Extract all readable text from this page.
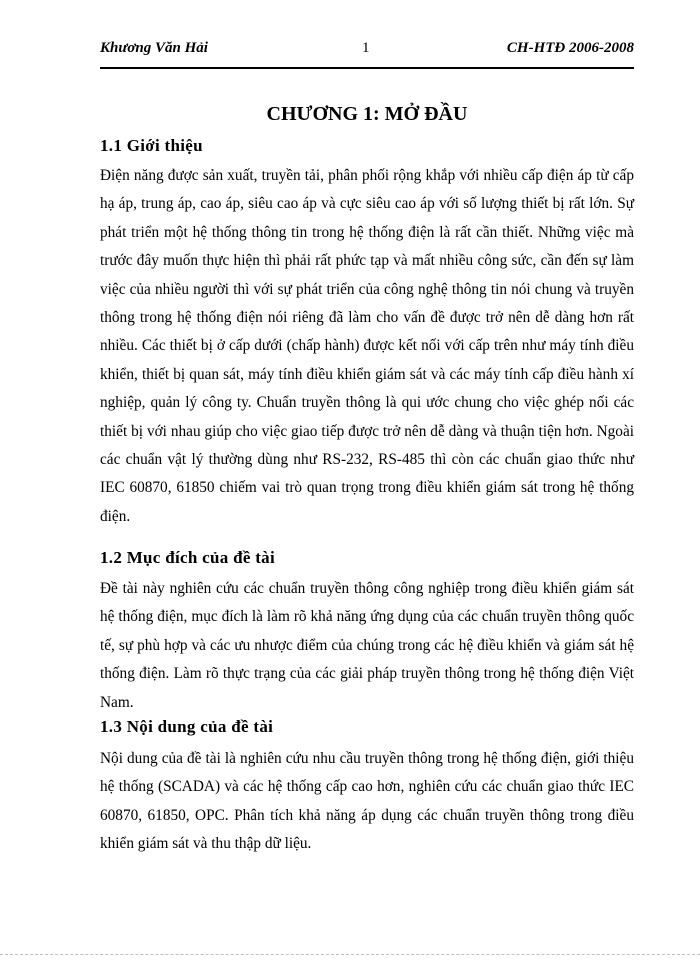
Khương Văn Hải	1	CH-HTĐ 2006-2008
CHƯƠNG 1: MỞ ĐẦU
1.1 Giới thiệu
Điện năng được sản xuất, truyền tải, phân phối rộng khắp với nhiều cấp điện áp từ cấp hạ áp, trung áp, cao áp, siêu cao áp và cực siêu cao áp với số lượng thiết bị rất lớn. Sự phát triển một hệ thống thông tin trong hệ thống điện là rất cần thiết. Những việc mà trước đây muốn thực hiện thì phải rất phức tạp và mất nhiều công sức, cần đến sự làm việc của nhiều người thì với sự phát triển của công nghệ thông tin nói chung và truyền thông trong hệ thống điện nói riêng đã làm cho vấn đề được trở nên dễ dàng hơn rất nhiều. Các thiết bị ở cấp dưới (chấp hành) được kết nối với cấp trên như máy tính điều khiển, thiết bị quan sát, máy tính điều khiển giám sát và các máy tính cấp điều hành xí nghiệp, quản lý công ty. Chuẩn truyền thông là qui ước chung cho việc ghép nối các thiết bị với nhau giúp cho việc giao tiếp được trở nên dễ dàng và thuận tiện hơn. Ngoài các chuẩn vật lý thường dùng như RS-232, RS-485 thì còn các chuẩn giao thức như IEC 60870, 61850 chiếm vai trò quan trọng trong điều khiển giám sát trong hệ thống điện.
1.2 Mục đích của đề tài
Đề tài này nghiên cứu các chuẩn truyền thông công nghiệp trong điều khiển giám sát hệ thống điện, mục đích là làm rõ khả năng ứng dụng của các chuẩn truyền thông quốc tế, sự phù hợp và các ưu nhược điểm của chúng trong các hệ điều khiển và giám sát hệ thống điện. Làm rõ thực trạng của các giải pháp truyền thông trong hệ thống điện Việt Nam.
1.3 Nội dung của đề tài
Nội dung của đề tài là nghiên cứu nhu cầu truyền thông trong hệ thống điện, giới thiệu hệ thống (SCADA) và các hệ thống cấp cao hơn, nghiên cứu các chuẩn giao thức IEC 60870, 61850, OPC. Phân tích khả năng áp dụng các chuẩn truyền thông trong điều khiển giám sát và thu thập dữ liệu.
